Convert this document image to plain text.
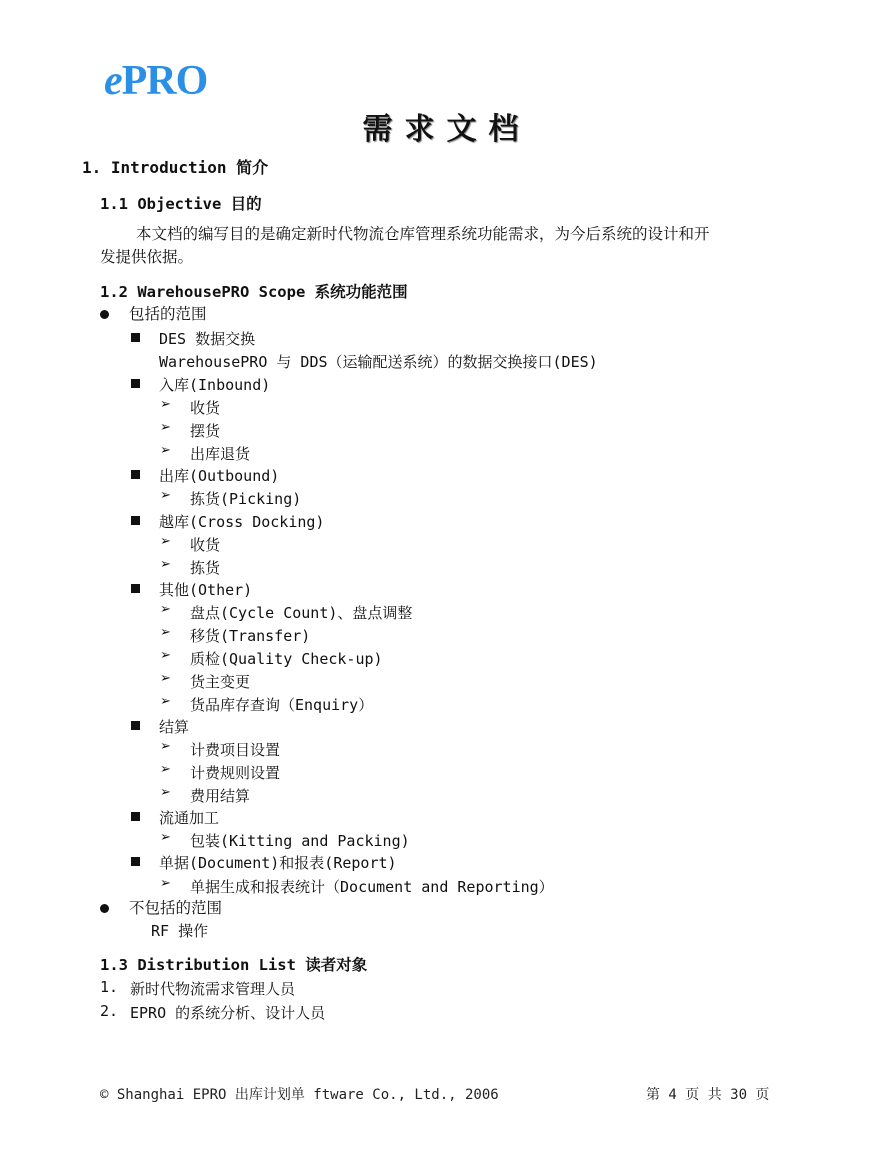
ePRO
需求文档
1. Introduction 简介
1.1 Objective 目的
本文档的编写目的是确定新时代物流仓库管理系统功能需求，为今后系统的设计和开
发提供依据。
1.2 WarehousePRO Scope 系统功能范围
包括的范围
DES 数据交换
WarehousePRO 与 DDS（运输配送系统）的数据交换接口(DES)
入库(Inbound)
➢ 收货
➢ 摆货
➢ 出库退货
出库(Outbound)
➢ 拣货(Picking)
越库(Cross Docking)
➢ 收货
➢ 拣货
其他(Other)
➢ 盘点(Cycle Count)、盘点调整
➢ 移货(Transfer)
➢ 质检(Quality Check-up)
➢ 货主变更
➢ 货品库存查询（Enquiry）
结算
➢ 计费项目设置
➢ 计费规则设置
➢ 费用结算
流通加工
➢ 包装(Kitting and Packing)
单据(Document)和报表(Report)
➢ 单据生成和报表统计（Document and Reporting）
不包括的范围
RF 操作
1.3 Distribution List 读者对象
1. 新时代物流需求管理人员
2. EPRO 的系统分析、设计人员
© Shanghai EPRO 出库计划单 ftware Co., Ltd., 2006	第 4 页 共 30 页
